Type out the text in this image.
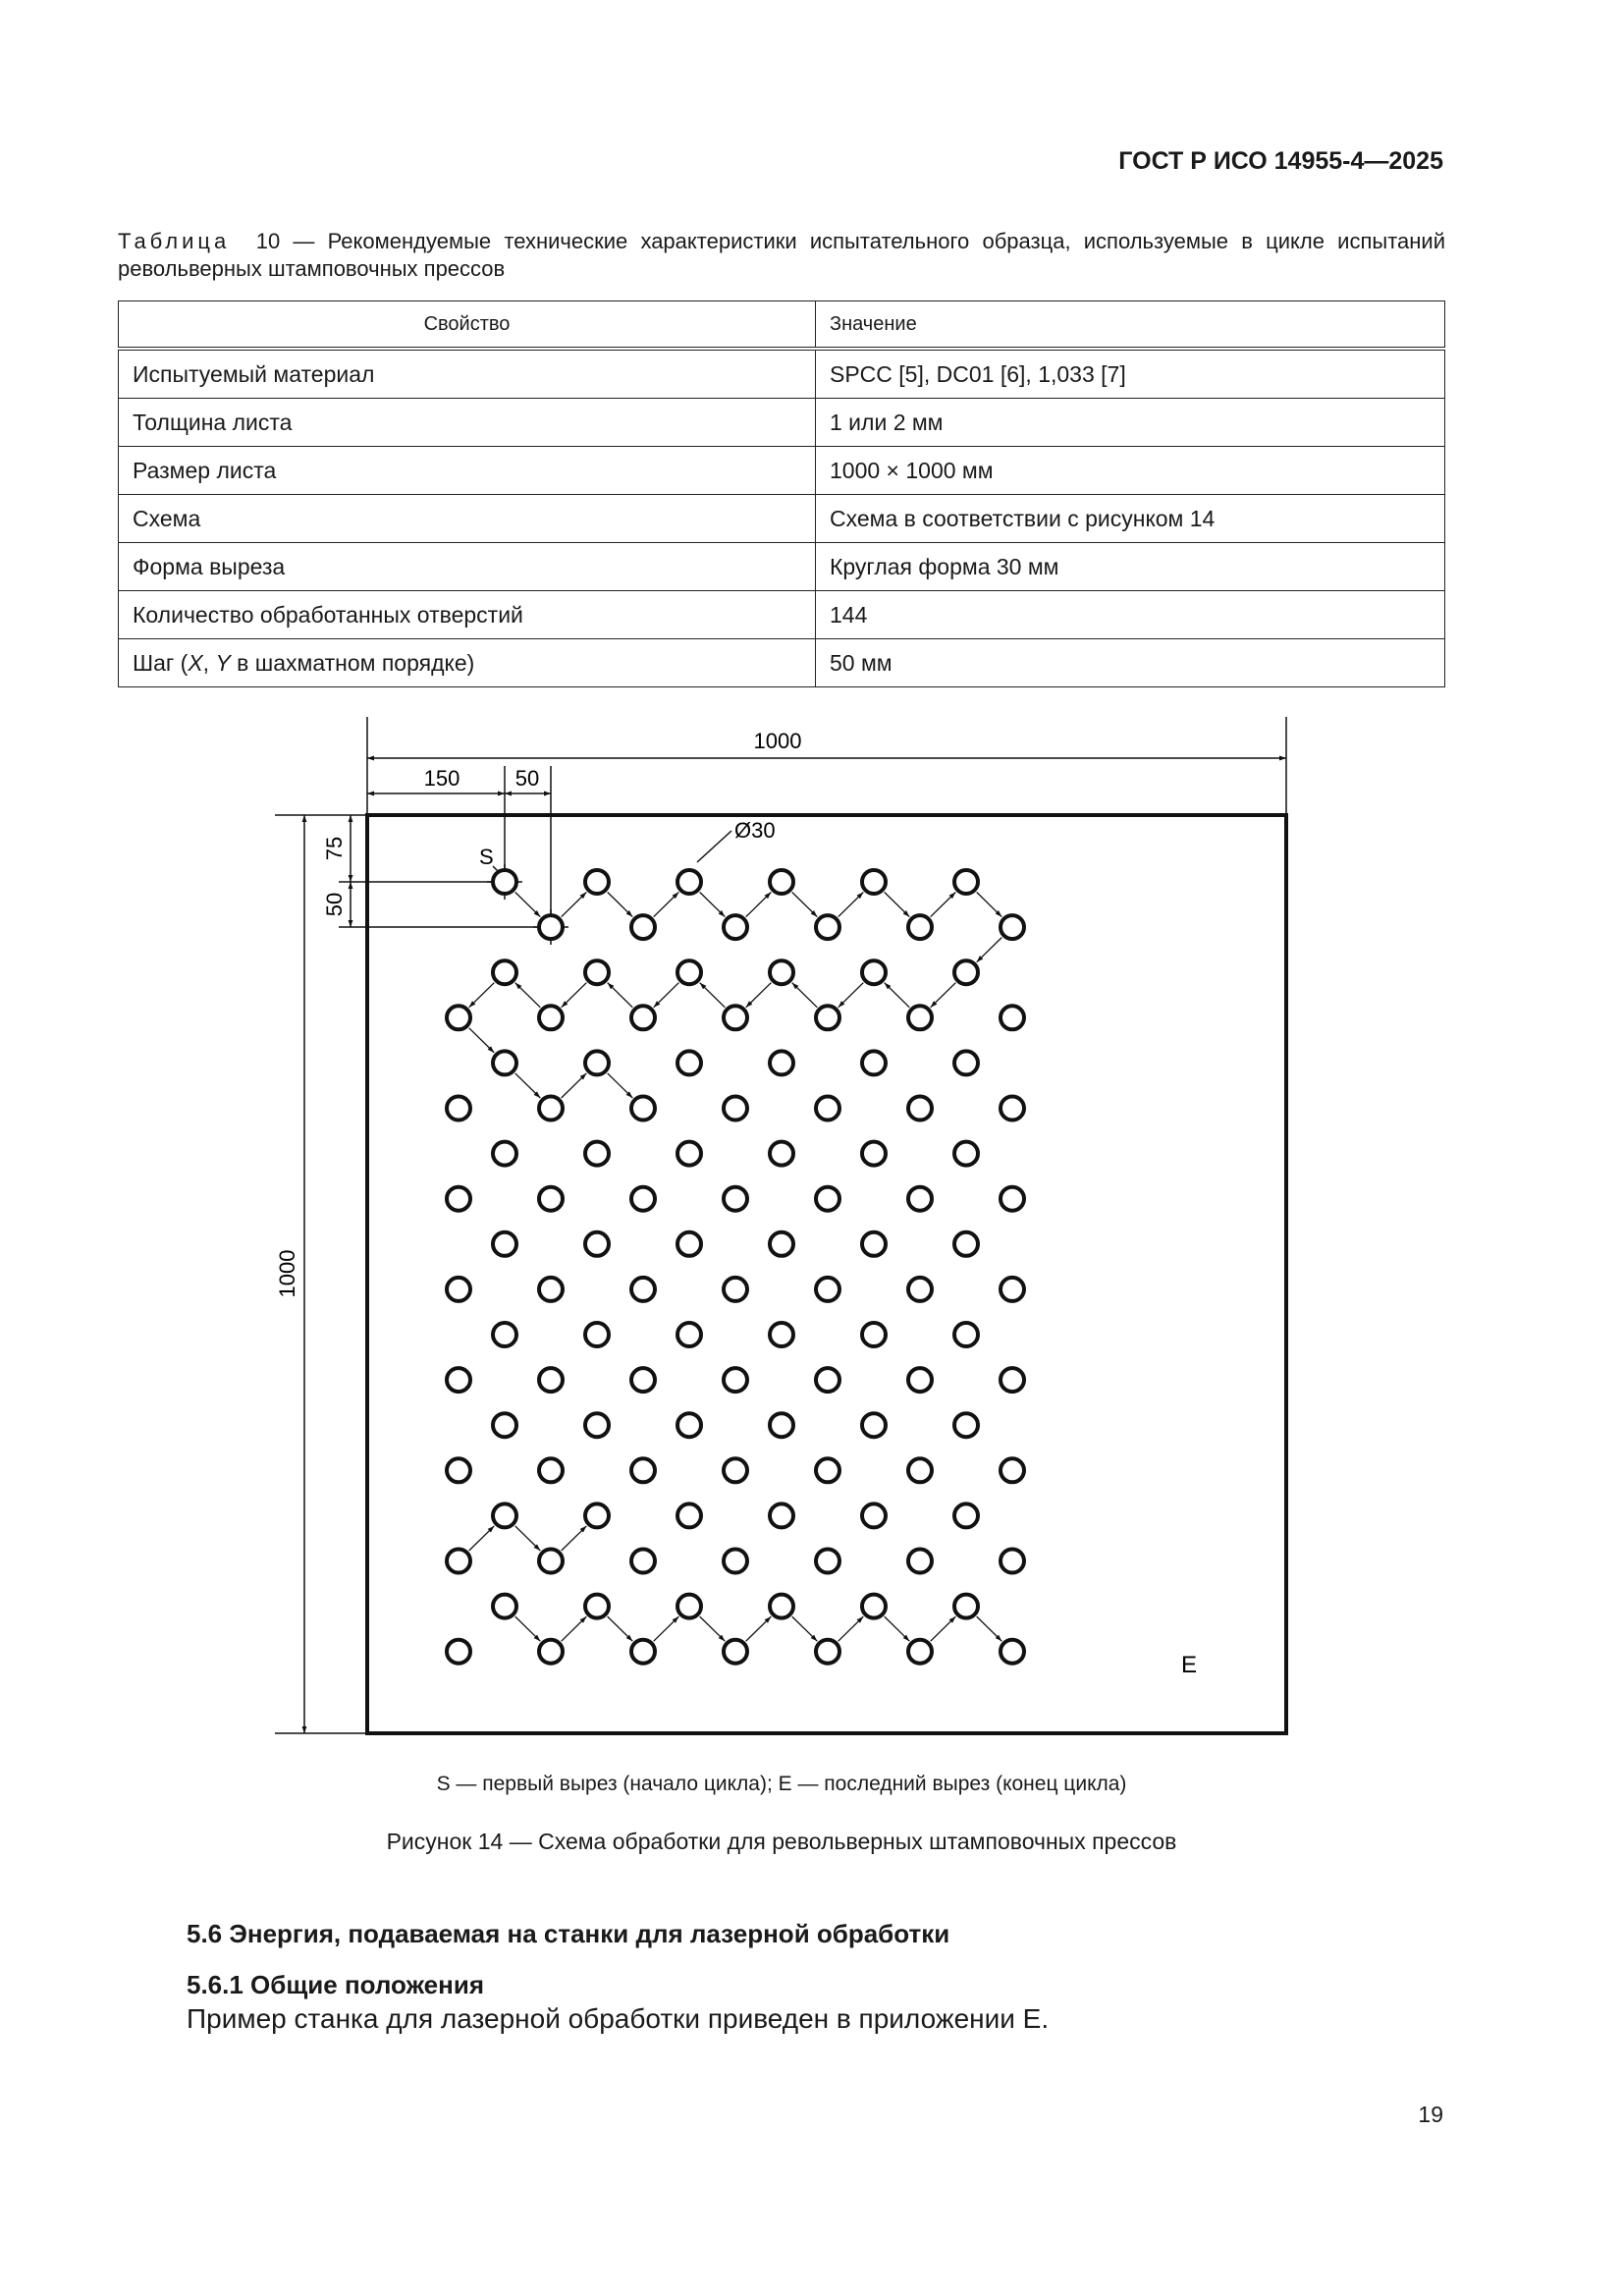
ГОСТ Р ИСО 14955-4—2025
Таблица 10 — Рекомендуемые технические характеристики испытательного образца, используемые в цикле испытаний револьверных штамповочных прессов
Свойство	Значение
Испытуемый материал	SPCC [5], DC01 [6], 1,033 [7]
Толщина листа	1 или 2 мм
Размер листа	1000 × 1000 мм
Схема	Схема в соответствии с рисунком 14
Форма выреза	Круглая форма 30 мм
Количество обработанных отверстий	144
Шаг (X, Y в шахматном порядке)	50 мм
1000
150	50
1000
75
50
Ø30
S
E
S — первый вырез (начало цикла); E — последний вырез (конец цикла)
Рисунок 14 — Схема обработки для револьверных штамповочных прессов
5.6 Энергия, подаваемая на станки для лазерной обработки
5.6.1 Общие положения
Пример станка для лазерной обработки приведен в приложении E.
19
